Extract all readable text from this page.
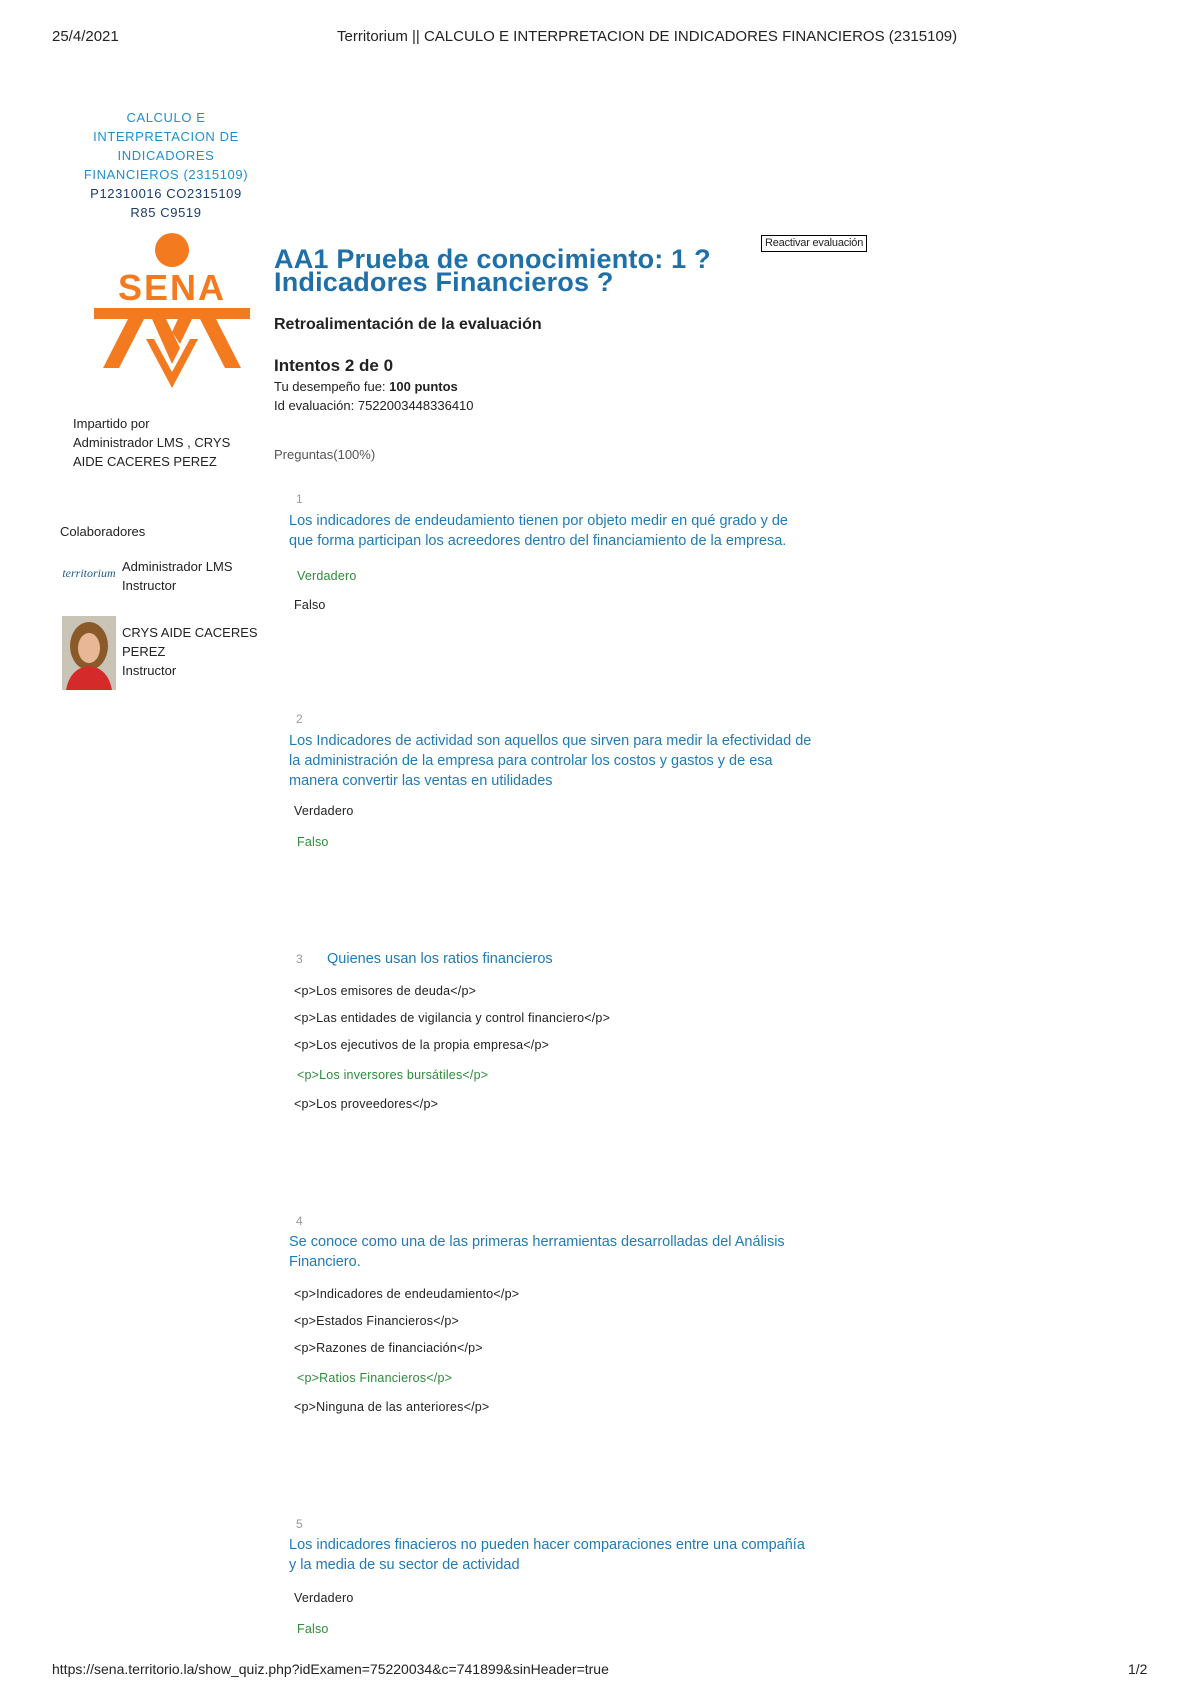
25/4/2021	Territorium || CALCULO E INTERPRETACION DE INDICADORES FINANCIEROS (2315109)
CALCULO E
INTERPRETACION DE
INDICADORES
FINANCIEROS (2315109)
P12310016 CO2315109
R85 C9519
SENA
Impartido por
Administrador LMS , CRYS
AIDE CACERES PEREZ
Colaboradores
territorium Administrador LMS
Instructor
CRYS AIDE CACERES
PEREZ
Instructor
Reactivar evaluación
AA1 Prueba de conocimiento: 1 ?
Indicadores Financieros ?
Retroalimentación de la evaluación
Intentos 2 de 0
Tu desempeño fue: 100 puntos
Id evaluación: 7522003448336410
Preguntas(100%)
1
Los indicadores de endeudamiento tienen por objeto medir en qué grado y de
que forma participan los acreedores dentro del financiamiento de la empresa.
Verdadero
Falso
2
Los Indicadores de actividad son aquellos que sirven para medir la efectividad de
la administración de la empresa para controlar los costos y gastos y de esa
manera convertir las ventas en utilidades
Verdadero
Falso
3 Quienes usan los ratios financieros
<p>Los emisores de deuda</p>
<p>Las entidades de vigilancia y control financiero</p>
<p>Los ejecutivos de la propia empresa</p>
<p>Los inversores bursátiles</p>
<p>Los proveedores</p>
4
Se conoce como una de las primeras herramientas desarrolladas del Análisis
Financiero.
<p>Indicadores de endeudamiento</p>
<p>Estados Financieros</p>
<p>Razones de financiación</p>
<p>Ratios Financieros</p>
<p>Ninguna de las anteriores</p>
5
Los indicadores finacieros no pueden hacer comparaciones entre una compañía
y la media de su sector de actividad
Verdadero
Falso
https://sena.territorio.la/show_quiz.php?idExamen=75220034&c=741899&sinHeader=true	1/2
